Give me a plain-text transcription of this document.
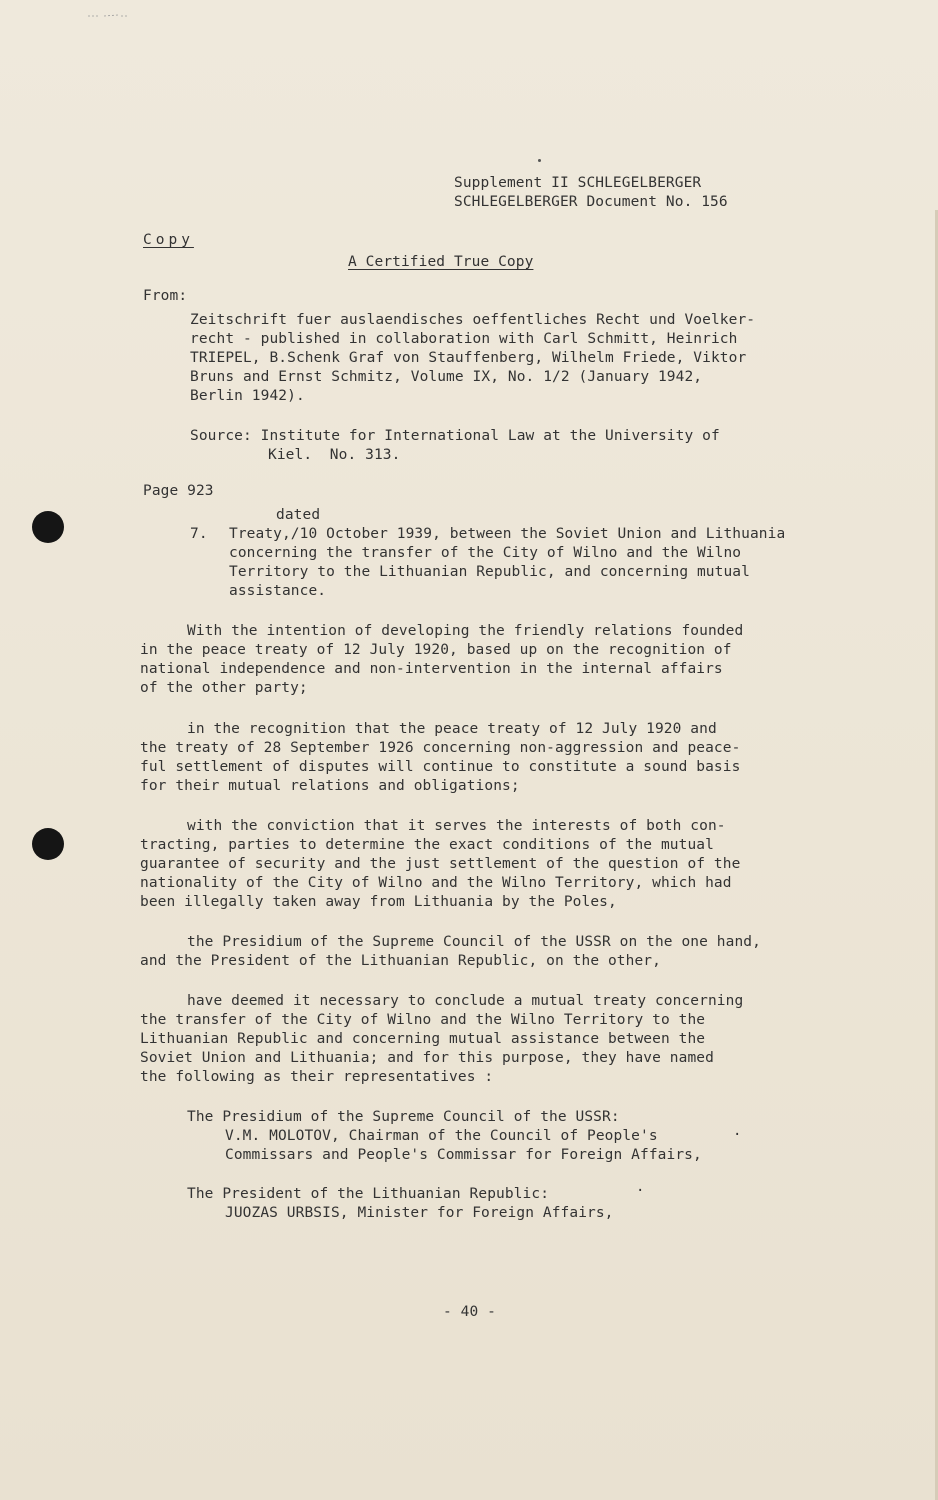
Supplement II SCHLEGELBERGER

SCHLEGELBERGER Document No. 156

Copy

A Certified True Copy

From:

Zeitschrift fuer auslaendisches oeffentliches Recht und Voelker-

recht - published in collaboration with Carl Schmitt, Heinrich

TRIEPEL, B.Schenk Graf von Stauffenberg, Wilhelm Friede, Viktor

Bruns and Ernst Schmitz, Volume IX, No. 1/2 (January 1942,

Berlin 1942).

Source: Institute for International Law at the University of

Kiel.  No. 313.

Page 923

dated

7. Treaty,/10 October 1939, between the Soviet Union and Lithuania

concerning the transfer of the City of Wilno and the Wilno

Territory to the Lithuanian Republic, and concerning mutual

assistance.

With the intention of developing the friendly relations founded

in the peace treaty of 12 July 1920, based up on the recognition of

national independence and non-intervention in the internal affairs

of the other party;

in the recognition that the peace treaty of 12 July 1920 and

the treaty of 28 September 1926 concerning non-aggression and peace-

ful settlement of disputes will continue to constitute a sound basis

for their mutual relations and obligations;

with the conviction that it serves the interests of both con-

tracting, parties to determine the exact conditions of the mutual

guarantee of security and the just settlement of the question of the

nationality of the City of Wilno and the Wilno Territory, which had

been illegally taken away from Lithuania by the Poles,

the Presidium of the Supreme Council of the USSR on the one hand,

and the President of the Lithuanian Republic, on the other,

have deemed it necessary to conclude a mutual treaty concerning

the transfer of the City of Wilno and the Wilno Territory to the

Lithuanian Republic and concerning mutual assistance between the

Soviet Union and Lithuania; and for this purpose, they have named

the following as their representatives :

The Presidium of the Supreme Council of the USSR:

V.M. MOLOTOV, Chairman of the Council of People's

Commissars and People's Commissar for Foreign Affairs,

·

The President of the Lithuanian Republic:

JUOZAS URBSIS, Minister for Foreign Affairs,

·

- 40 -
